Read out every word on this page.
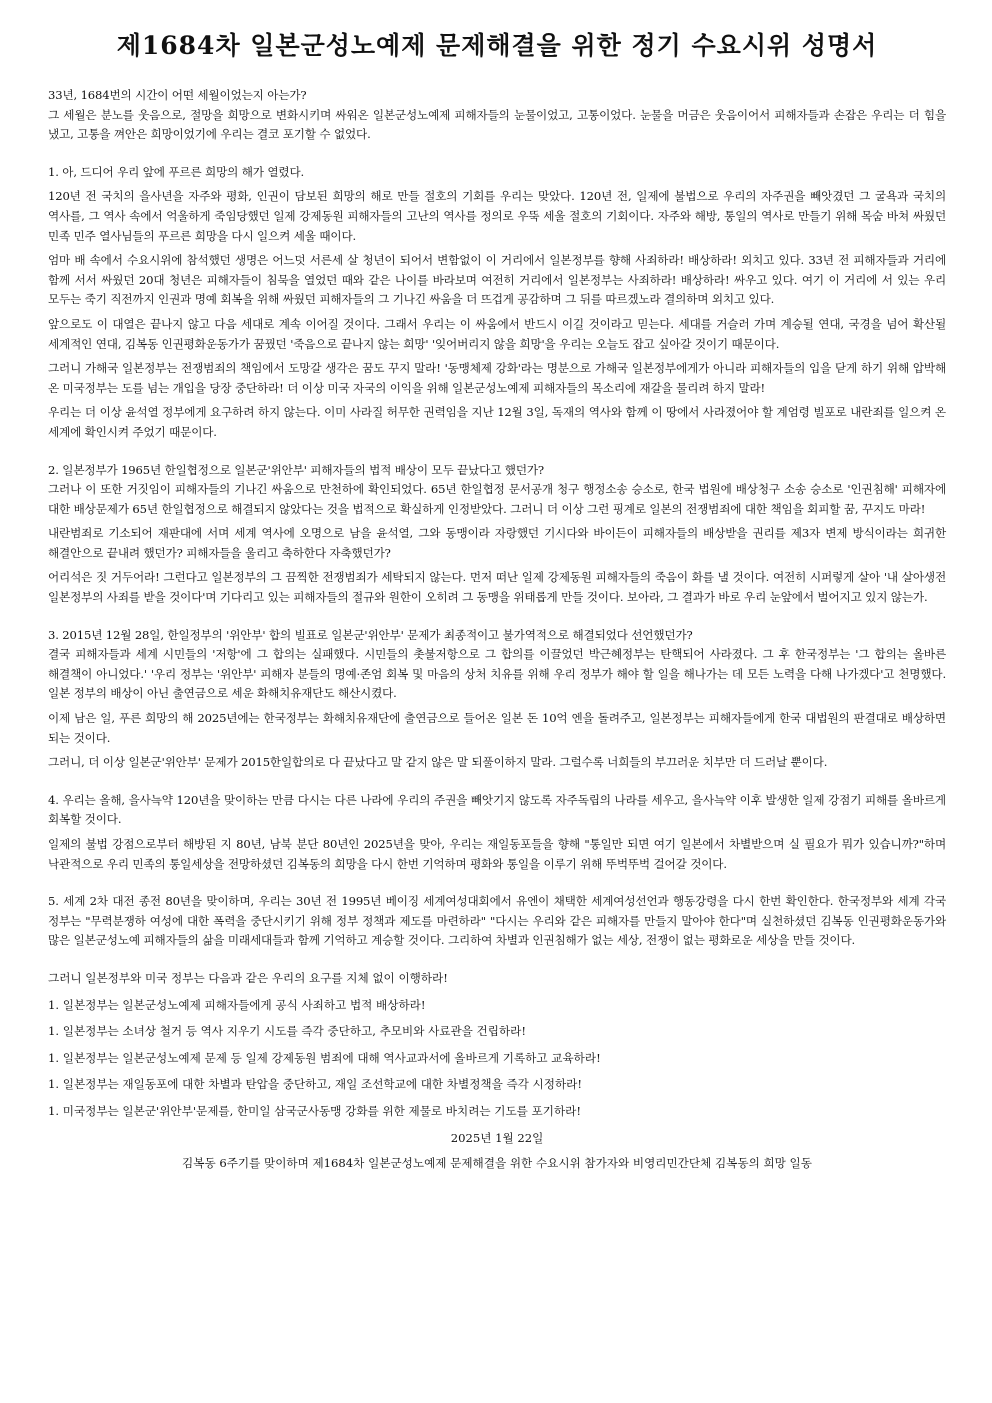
제1684차 일본군성노예제 문제해결을 위한 정기 수요시위 성명서

33년, 1684번의 시간이 어떤 세월이었는지 아는가?

그 세월은 분노를 웃음으로, 절망을 희망으로 변화시키며 싸워온 일본군성노예제 피해자들의 눈물이었고, 고통이었다. 눈물을 머금은 웃음이어서 피해자들과 손잡은 우리는 더 힘을 냈고, 고통을 껴안은 희망이었기에 우리는 결코 포기할 수 없었다.

1. 아, 드디어 우리 앞에 푸르른 희망의 해가 열렸다.

120년 전 국치의 을사년을 자주와 평화, 인권이 담보된 희망의 해로 만들 절호의 기회를 우리는 맞았다. 120년 전, 일제에 불법으로 우리의 자주권을 빼앗겼던 그 굴욕과 국치의 역사를, 그 역사 속에서 억울하게 죽임당했던 일제 강제동원 피해자들의 고난의 역사를 정의로 우뚝 세울 절호의 기회이다. 자주와 해방, 통일의 역사로 만들기 위해 목숨 바쳐 싸웠던 민족 민주 열사님들의 푸르른 희망을 다시 일으켜 세울 때이다.

엄마 배 속에서 수요시위에 참석했던 생명은 어느덧 서른세 살 청년이 되어서 변함없이 이 거리에서 일본정부를 향해 사죄하라! 배상하라! 외치고 있다. 33년 전 피해자들과 거리에 함께 서서 싸웠던 20대 청년은 피해자들이 침묵을 열었던 때와 같은 나이를 바라보며 여전히 거리에서 일본정부는 사죄하라! 배상하라! 싸우고 있다. 여기 이 거리에 서 있는 우리 모두는 죽기 직전까지 인권과 명예 회복을 위해 싸웠던 피해자들의 그 기나긴 싸움을 더 뜨겁게 공감하며 그 뒤를 따르겠노라 결의하며 외치고 있다.

앞으로도 이 대열은 끝나지 않고 다음 세대로 계속 이어질 것이다. 그래서 우리는 이 싸움에서 반드시 이길 것이라고 믿는다. 세대를 거슬러 가며 계승될 연대, 국경을 넘어 확산될 세계적인 연대, 김복동 인권평화운동가가 꿈꿨던 '죽음으로 끝나지 않는 희망' '잊어버리지 않을 희망'을 우리는 오늘도 잡고 싶아갈 것이기 때문이다.

그러니 가해국 일본정부는 전쟁범죄의 책임에서 도망갈 생각은 꿈도 꾸지 말라! '동맹체제 강화'라는 명분으로 가해국 일본정부에게가 아니라 피해자들의 입을 닫게 하기 위해 압박해 온 미국정부는 도를 넘는 개입을 당장 중단하라! 더 이상 미국 자국의 이익을 위해 일본군성노예제 피해자들의 목소리에 재갈을 물리려 하지 말라!

우리는 더 이상 윤석열 정부에게 요구하려 하지 않는다. 이미 사라질 허무한 권력임을 지난 12월 3일, 독재의 역사와 함께 이 땅에서 사라졌어야 할 계엄령 빌포로 내란죄를 일으켜 온 세계에 확인시켜 주었기 때문이다.

2. 일본정부가 1965년 한일협정으로 일본군'위안부' 피해자들의 법적 배상이 모두 끝났다고 했던가?

그러나 이 또한 거짓임이 피해자들의 기나긴 싸움으로 만천하에 확인되었다. 65년 한일협정 문서공개 청구 행정소송 승소로, 한국 법원에 배상청구 소송 승소로 '인권침해' 피해자에 대한 배상문제가 65년 한일협정으로 해결되지 않았다는 것을 법적으로 확실하게 인정받았다. 그러니 더 이상 그런 핑계로 일본의 전쟁범죄에 대한 책임을 회피할 꿈, 꾸지도 마라!

내란범죄로 기소되어 재판대에 서며 세계 역사에 오명으로 남을 윤석열, 그와 동맹이라 자랑했던 기시다와 바이든이 피해자들의 배상받을 권리를 제3자 변제 방식이라는 희귀한 해결안으로 끝내려 했던가? 피해자들을 울리고 축하한다 자축했던가?

어리석은 짓 거두어라! 그런다고 일본정부의 그 끔찍한 전쟁범죄가 세탁되지 않는다. 먼저 떠난 일제 강제동원 피해자들의 죽음이 화를 낼 것이다. 여전히 시퍼렇게 살아 '내 살아생전 일본정부의 사죄를 받을 것이다'며 기다리고 있는 피해자들의 절규와 원한이 오히려 그 동맹을 위태롭게 만들 것이다. 보아라, 그 결과가 바로 우리 눈앞에서 벌어지고 있지 않는가.

3. 2015년 12월 28일, 한일정부의 '위안부' 합의 빌표로 일본군'위안부' 문제가 최종적이고 불가역적으로 해결되었다 선언했던가?

결국 피해자들과 세계 시민들의 '저항'에 그 합의는 실패했다. 시민들의 촛불저항으로 그 합의를 이끌었던 박근혜정부는 탄핵되어 사라졌다. 그 후 한국정부는 '그 합의는 올바른 해결책이 아니었다.' '우리 정부는 '위안부' 피해자 분들의 명예·존엄 회복 및 마음의 상처 치유를 위해 우리 정부가 해야 할 일을 해나가는 데 모든 노력을 다해 나가겠다'고 천명했다. 일본 정부의 배상이 아닌 출연금으로 세운 화해치유재단도 해산시켰다.

이제 남은 일, 푸른 희망의 해 2025년에는 한국정부는 화해치유재단에 출연금으로 들어온 일본 돈 10억 엔을 돌려주고, 일본정부는 피해자들에게 한국 대법원의 판결대로 배상하면 되는 것이다.

그러니, 더 이상 일본군'위안부' 문제가 2015한일합의로 다 끝났다고 말 같지 않은 말 되풀이하지 말라. 그럴수록 너희들의 부끄러운 치부만 더 드러날 뿐이다.

4. 우리는 올해, 을사늑약 120년을 맞이하는 만큼 다시는 다른 나라에 우리의 주권을 빼앗기지 않도록 자주독립의 나라를 세우고, 을사늑약 이후 발생한 일제 강점기 피해를 올바르게 회복할 것이다.

일제의 불법 강점으로부터 해방된 지 80년, 남북 분단 80년인 2025년을 맞아, 우리는 재일동포들을 향해 "통일만 되면 여기 일본에서 차별받으며 실 필요가 뭐가 있습니까?"하며 낙관적으로 우리 민족의 통일세상을 전망하셨던 김복동의 희망을 다시 한번 기억하며 평화와 통일을 이루기 위해 뚜벅뚜벅 걸어갈 것이다.

5. 세계 2차 대전 종전 80년을 맞이하며, 우리는 30년 전 1995년 베이징 세계여성대회에서 유엔이 채택한 세계여성선언과 행동강령을 다시 한번 확인한다. 한국정부와 세계 각국 정부는 "무력분쟁하 여성에 대한 폭력을 중단시키기 위해 정부 정책과 제도를 마련하라" "다시는 우리와 같은 피해자를 만들지 말아야 한다"며 실천하셨던 김복동 인권평화운동가와 많은 일본군성노예 피해자들의 삶을 미래세대들과 함께 기억하고 계승할 것이다. 그리하여 차별과 인권침해가 없는 세상, 전쟁이 없는 평화로운 세상을 만들 것이다.

그러니 일본정부와 미국 정부는 다음과 같은 우리의 요구를 지체 없이 이행하라!

1. 일본정부는 일본군성노예제 피해자들에게 공식 사죄하고 법적 배상하라!

1. 일본정부는 소녀상 철거 등 역사 지우기 시도를 즉각 중단하고, 추모비와 사료관을 건립하라!

1. 일본정부는 일본군성노예제 문제 등 일제 강제동원 범죄에 대해 역사교과서에 올바르게 기록하고 교육하라!

1. 일본정부는 재일동포에 대한 차별과 탄압을 중단하고, 재일 조선학교에 대한 차별정책을 즉각 시정하라!

1. 미국정부는 일본군'위안부'문제를, 한미일 삼국군사동맹 강화를 위한 제물로 바치려는 기도를 포기하라!

2025년 1월 22일
김복동 6주기를 맞이하며 제1684차 일본군성노예제 문제해결을 위한 수요시위 참가자와 비영리민간단체 김복동의 희망 일동
